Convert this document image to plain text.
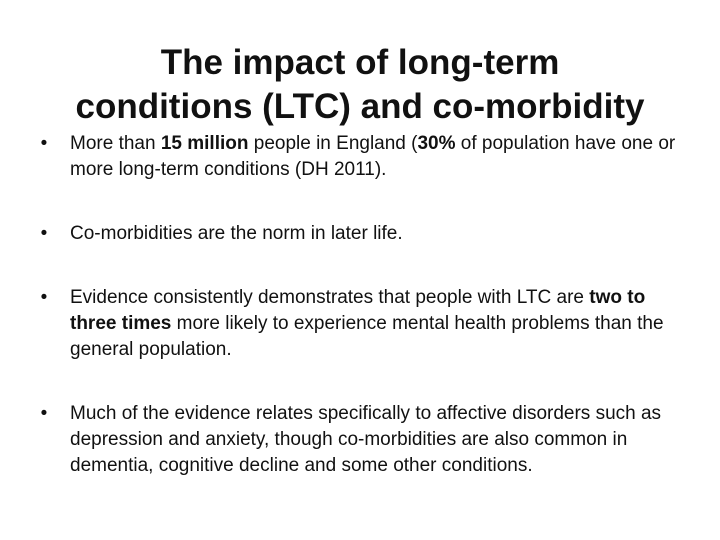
The impact of long-term
conditions (LTC) and co-morbidity
•	More than 15 million people in England (30% of population have one or more long-term conditions (DH 2011).
•	Co-morbidities are the norm in later life.
•	Evidence consistently demonstrates that people with LTC are two to three times more likely to experience mental health problems than the general population.
•	Much of the evidence relates specifically to affective disorders such as depression and anxiety, though co-morbidities are also common in dementia, cognitive decline and some other conditions.
